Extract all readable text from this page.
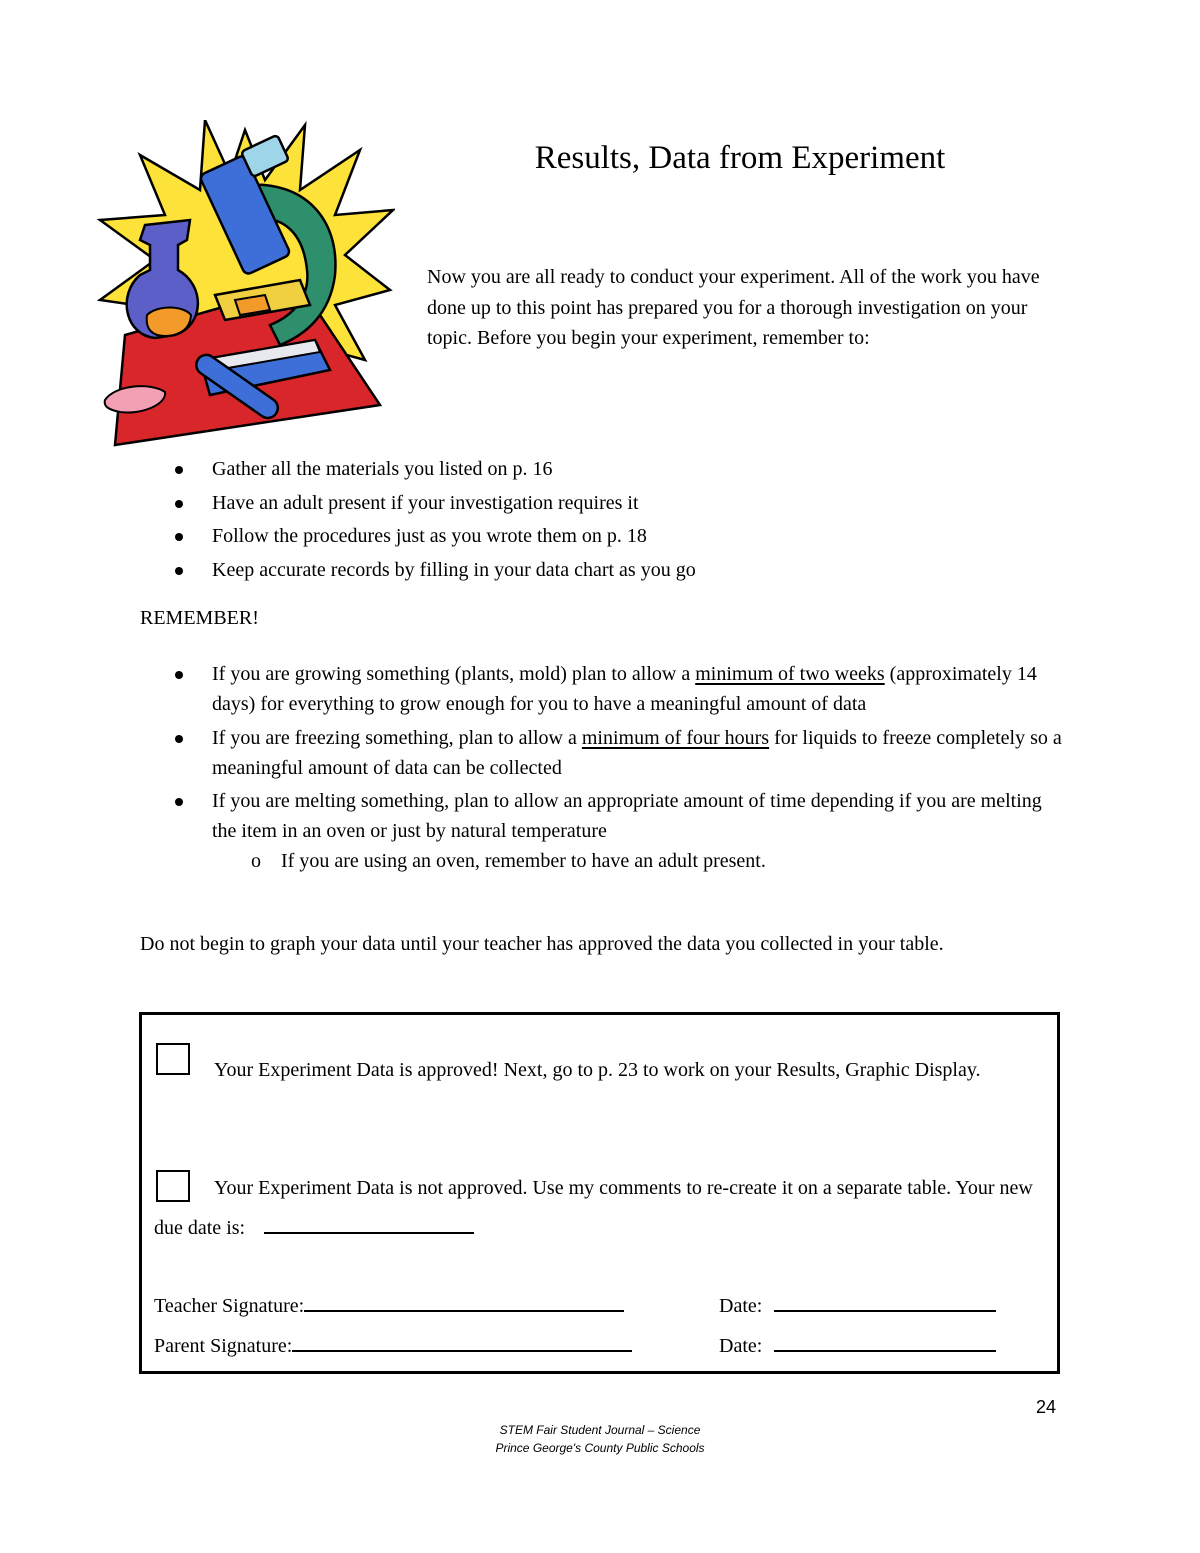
Results, Data from Experiment

Now you are all ready to conduct your experiment. All of the work you have done up to this point has prepared you for a thorough investigation on your topic. Before you begin your experiment, remember to:

Gather all the materials you listed on p. 16
Have an adult present if your investigation requires it
Follow the procedures just as you wrote them on p. 18
Keep accurate records by filling in your data chart as you go
REMEMBER!
If you are growing something (plants, mold) plan to allow a minimum of two weeks (approximately 14 days) for everything to grow enough for you to have a meaningful amount of data
If you are freezing something, plan to allow a minimum of four hours for liquids to freeze completely so a meaningful amount of data can be collected
If you are melting something, plan to allow an appropriate amount of time depending if you are melting the item in an oven or just by natural temperature
o If you are using an oven, remember to have an adult present.
Do not begin to graph your data until your teacher has approved the data you collected in your table.
Your Experiment Data is approved! Next, go to p. 23 to work on your Results, Graphic Display.
Your Experiment Data is not approved. Use my comments to re-create it on a separate table. Your new due date is:
Teacher Signature:	Date:
Parent Signature:	Date:
24
STEM Fair Student Journal – Science
Prince George's County Public Schools
